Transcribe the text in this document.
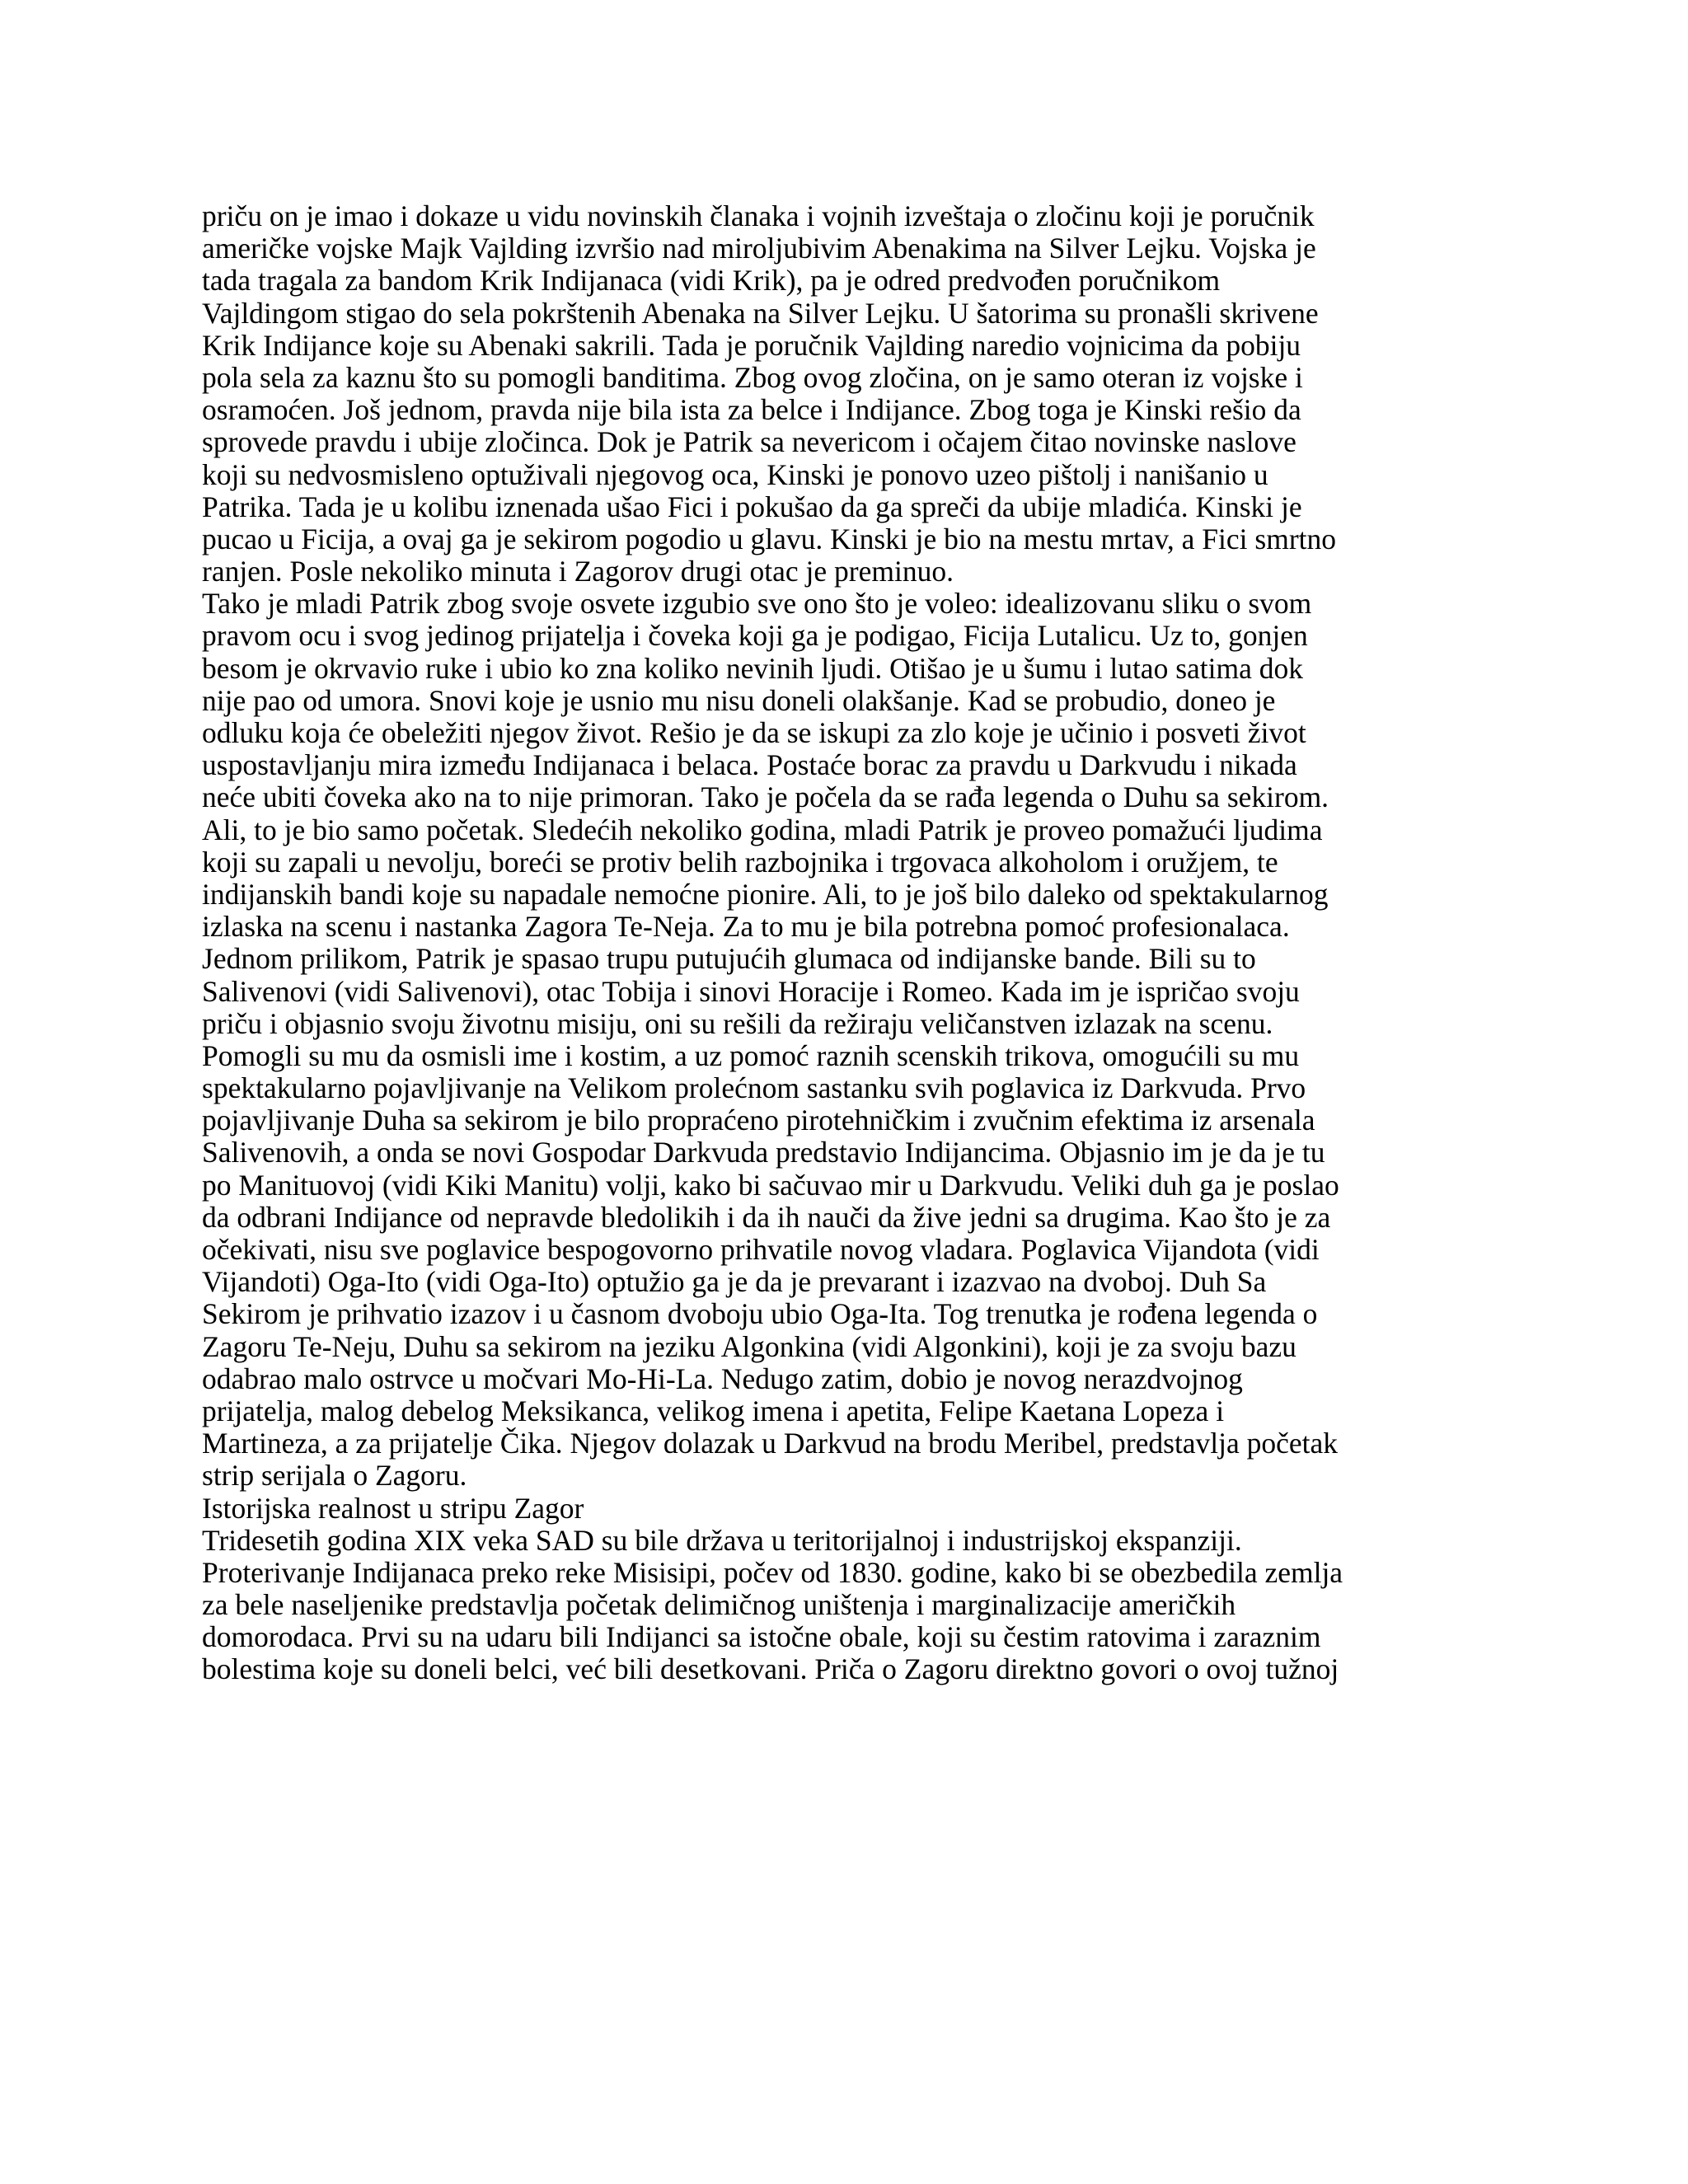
priču on je imao i dokaze u vidu novinskih članaka i vojnih izveštaja o zločinu koji je poručnik
američke vojske Majk Vajlding izvršio nad miroljubivim Abenakima na Silver Lejku. Vojska je
tada tragala za bandom Krik Indijanaca (vidi Krik), pa je odred predvođen poručnikom
Vajldingom stigao do sela pokrštenih Abenaka na Silver Lejku. U šatorima su pronašli skrivene
Krik Indijance koje su Abenaki sakrili. Tada je poručnik Vajlding naredio vojnicima da pobiju
pola sela za kaznu što su pomogli banditima. Zbog ovog zločina, on je samo oteran iz vojske i
osramoćen. Još jednom, pravda nije bila ista za belce i Indijance. Zbog toga je Kinski rešio da
sprovede pravdu i ubije zločinca. Dok je Patrik sa nevericom i očajem čitao novinske naslove
koji su nedvosmisleno optuživali njegovog oca, Kinski je ponovo uzeo pištolj i nanišanio u
Patrika. Tada je u kolibu iznenada ušao Fici i pokušao da ga spreči da ubije mladića. Kinski je
pucao u Ficija, a ovaj ga je sekirom pogodio u glavu. Kinski je bio na mestu mrtav, a Fici smrtno
ranjen. Posle nekoliko minuta i Zagorov drugi otac je preminuo.
Tako je mladi Patrik zbog svoje osvete izgubio sve ono što je voleo: idealizovanu sliku o svom
pravom ocu i svog jedinog prijatelja i čoveka koji ga je podigao, Ficija Lutalicu. Uz to, gonjen
besom je okrvavio ruke i ubio ko zna koliko nevinih ljudi. Otišao je u šumu i lutao satima dok
nije pao od umora. Snovi koje je usnio mu nisu doneli olakšanje. Kad se probudio, doneo je
odluku koja će obeležiti njegov život. Rešio je da se iskupi za zlo koje je učinio i posveti život
uspostavljanju mira između Indijanaca i belaca. Postaće borac za pravdu u Darkvudu i nikada
neće ubiti čoveka ako na to nije primoran. Tako je počela da se rađa legenda o Duhu sa sekirom.
Ali, to je bio samo početak. Sledećih nekoliko godina, mladi Patrik je proveo pomažući ljudima
koji su zapali u nevolju, boreći se protiv belih razbojnika i trgovaca alkoholom i oružjem, te
indijanskih bandi koje su napadale nemoćne pionire. Ali, to je još bilo daleko od spektakularnog
izlaska na scenu i nastanka Zagora Te-Neja. Za to mu je bila potrebna pomoć profesionalaca.
Jednom prilikom, Patrik je spasao trupu putujućih glumaca od indijanske bande. Bili su to
Salivenovi (vidi Salivenovi), otac Tobija i sinovi Horacije i Romeo. Kada im je ispričao svoju
priču i objasnio svoju životnu misiju, oni su rešili da režiraju veličanstven izlazak na scenu.
Pomogli su mu da osmisli ime i kostim, a uz pomoć raznih scenskih trikova, omogućili su mu
spektakularno pojavljivanje na Velikom prolećnom sastanku svih poglavica iz Darkvuda. Prvo
pojavljivanje Duha sa sekirom je bilo propraćeno pirotehničkim i zvučnim efektima iz arsenala
Salivenovih, a onda se novi Gospodar Darkvuda predstavio Indijancima. Objasnio im je da je tu
po Manituovoj (vidi Kiki Manitu) volji, kako bi sačuvao mir u Darkvudu. Veliki duh ga je poslao
da odbrani Indijance od nepravde bledolikih i da ih nauči da žive jedni sa drugima. Kao što je za
očekivati, nisu sve poglavice bespogovorno prihvatile novog vladara. Poglavica Vijandota (vidi
Vijandoti) Oga-Ito (vidi Oga-Ito) optužio ga je da je prevarant i izazvao na dvoboj. Duh Sa
Sekirom je prihvatio izazov i u časnom dvoboju ubio Oga-Ita. Tog trenutka je rođena legenda o
Zagoru Te-Neju, Duhu sa sekirom na jeziku Algonkina (vidi Algonkini), koji je za svoju bazu
odabrao malo ostrvce u močvari Mo-Hi-La. Nedugo zatim, dobio je novog nerazdvojnog
prijatelja, malog debelog Meksikanca, velikog imena i apetita, Felipe Kaetana Lopeza i
Martineza, a za prijatelje Čika. Njegov dolazak u Darkvud na brodu Meribel, predstavlja početak
strip serijala o Zagoru.
Istorijska realnost u stripu Zagor
Tridesetih godina XIX veka SAD su bile država u teritorijalnoj i industrijskoj ekspanziji.
Proterivanje Indijanaca preko reke Misisipi, počev od 1830. godine, kako bi se obezbedila zemlja
za bele naseljenike predstavlja početak delimičnog uništenja i marginalizacije američkih
domorodaca. Prvi su na udaru bili Indijanci sa istočne obale, koji su čestim ratovima i zaraznim
bolestima koje su doneli belci, već bili desetkovani. Priča o Zagoru direktno govori o ovoj tužnoj
